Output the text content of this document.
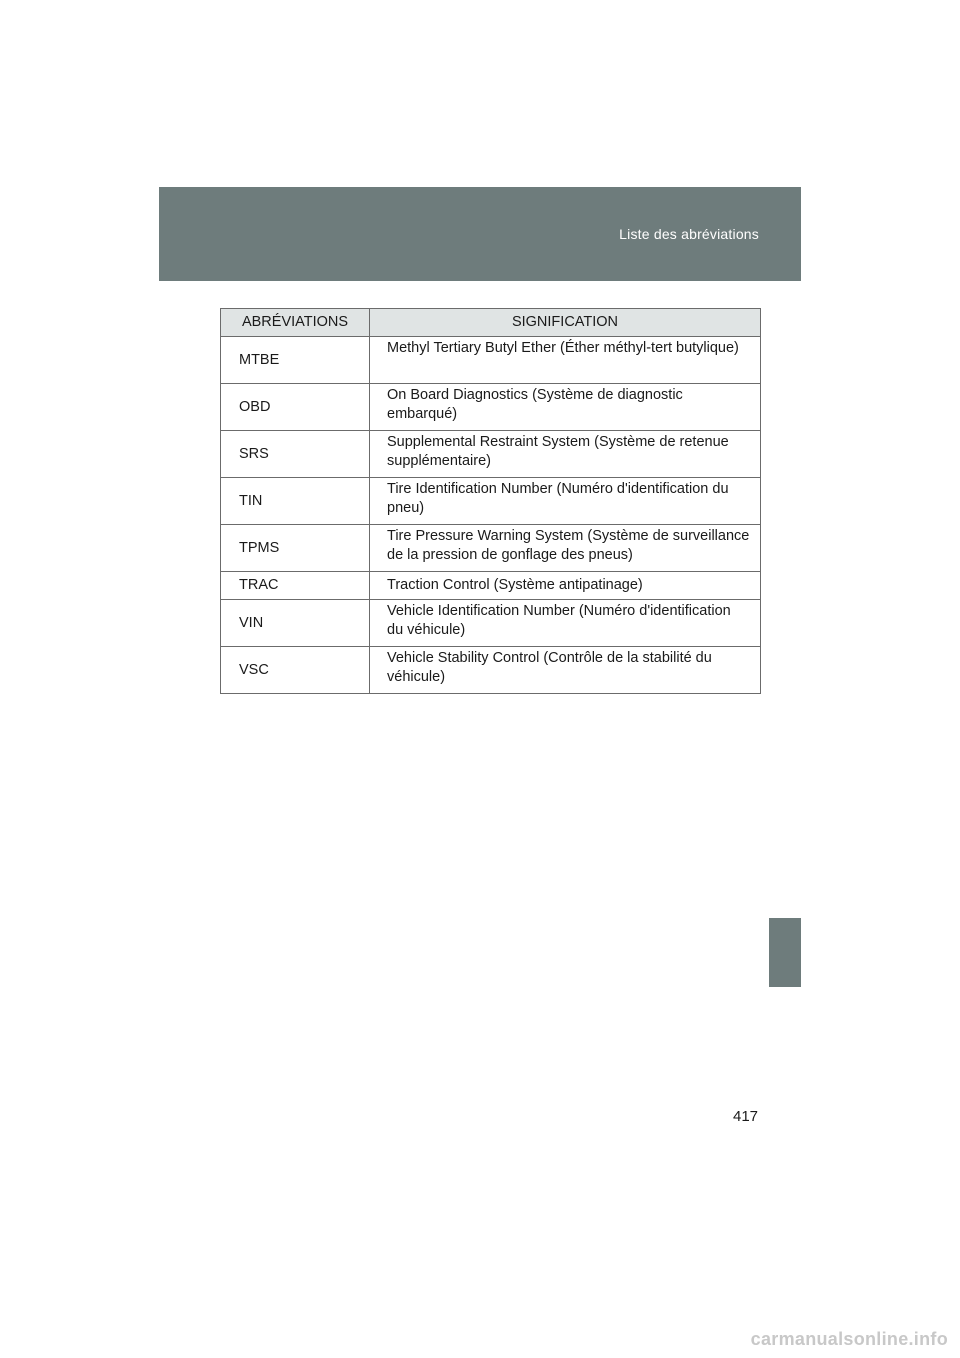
Liste des abréviations
ABRÉVIATIONS	SIGNIFICATION
MTBE	Methyl Tertiary Butyl Ether (Éther méthyl-tert butylique)
OBD	On Board Diagnostics (Système de diagnostic embarqué)
SRS	Supplemental Restraint System (Système de retenue supplémentaire)
TIN	Tire Identification Number (Numéro d'identification du pneu)
TPMS	Tire Pressure Warning System (Système de surveillance de la pression de gonflage des pneus)
TRAC	Traction Control (Système antipatinage)
VIN	Vehicle Identification Number (Numéro d'identification du véhicule)
VSC	Vehicle Stability Control (Contrôle de la stabilité du véhicule)
417
carmanualsonline.info
